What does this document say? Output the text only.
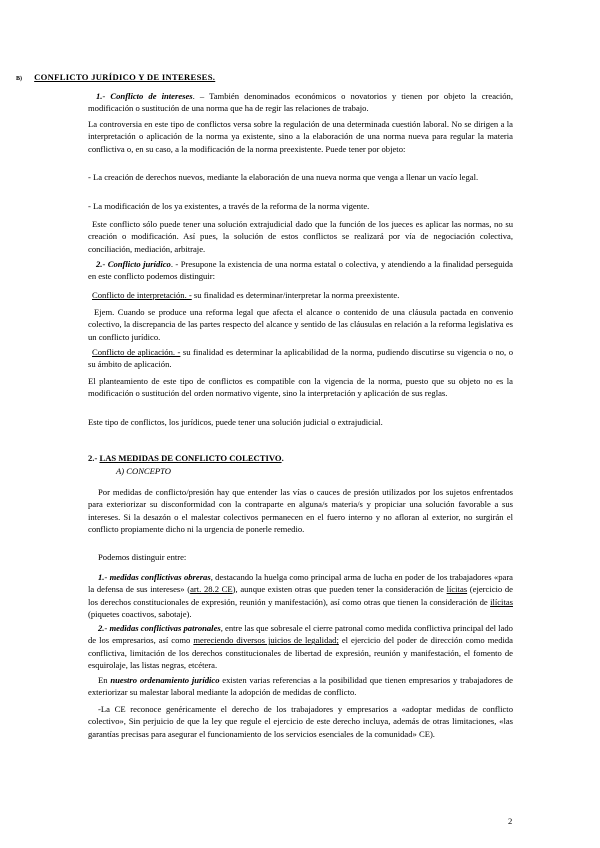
B) CONFLICTO JURÍDICO Y DE INTERESES.

1.- Conflicto de intereses. – También denominados económicos o novatorios y tienen por objeto la creación, modificación o sustitución de una norma que ha de regir las relaciones de trabajo.

La controversia en este tipo de conflictos versa sobre la regulación de una determinada cuestión laboral. No se dirigen a la interpretación o aplicación de la norma ya existente, sino a la elaboración de una norma nueva para regular la materia conflictiva o, en su caso, a la modificación de la norma preexistente. Puede tener por objeto:

- La creación de derechos nuevos, mediante la elaboración de una nueva norma que venga a llenar un vacío legal.

- La modificación de los ya existentes, a través de la reforma de la norma vigente.

Este conflicto sólo puede tener una solución extrajudicial dado que la función de los jueces es aplicar las normas, no su creación o modificación. Así pues, la solución de estos conflictos se realizará por vía de negociación colectiva, conciliación, mediación, arbitraje.

2.- Conflicto jurídico. - Presupone la existencia de una norma estatal o colectiva, y atendiendo a la finalidad perseguida en este conflicto podemos distinguir:

Conflicto de interpretación. - su finalidad es determinar/interpretar la norma preexistente.

Ejem. Cuando se produce una reforma legal que afecta el alcance o contenido de una cláusula pactada en convenio colectivo, la discrepancia de las partes respecto del alcance y sentido de las cláusulas en relación a la reforma legislativa es un conflicto jurídico.

Conflicto de aplicación. - su finalidad es determinar la aplicabilidad de la norma, pudiendo discutirse su vigencia o no, o su ámbito de aplicación.

El planteamiento de este tipo de conflictos es compatible con la vigencia de la norma, puesto que su objeto no es la modificación o sustitución del orden normativo vigente, sino la interpretación y aplicación de sus reglas.

Este tipo de conflictos, los jurídicos, puede tener una solución judicial o extrajudicial.

2.- LAS MEDIDAS DE CONFLICTO COLECTIVO.
A) CONCEPTO

Por medidas de conflicto/presión hay que entender las vías o cauces de presión utilizados por los sujetos enfrentados para exteriorizar su disconformidad con la contraparte en alguna/s materia/s y propiciar una solución favorable a sus intereses. Si la desazón o el malestar colectivos permanecen en el fuero interno y no afloran al exterior, no surgirán el conflicto propiamente dicho ni la urgencia de ponerle remedio.

Podemos distinguir entre:

1.- medidas conflictivas obreras, destacando la huelga como principal arma de lucha en poder de los trabajadores «para la defensa de sus intereses» (art. 28.2 CE), aunque existen otras que pueden tener la consideración de lícitas (ejercicio de los derechos constitucionales de expresión, reunión y manifestación), así como otras que tienen la consideración de ilícitas (piquetes coactivos, sabotaje).

2.- medidas conflictivas patronales, entre las que sobresale el cierre patronal como medida conflictiva principal del lado de los empresarios, así como mereciendo diversos juicios de legalidad; el ejercicio del poder de dirección como medida conflictiva, limitación de los derechos constitucionales de libertad de expresión, reunión y manifestación, el fomento de esquirolaje, las listas negras, etcétera.

En nuestro ordenamiento jurídico existen varias referencias a la posibilidad que tienen empresarios y trabajadores de exteriorizar su malestar laboral mediante la adopción de medidas de conflicto.

-La CE reconoce genéricamente el derecho de los trabajadores y empresarios a «adoptar medidas de conflicto colectivo», Sin perjuicio de que la ley que regule el ejercicio de este derecho incluya, además de otras limitaciones, «las garantías precisas para asegurar el funcionamiento de los servicios esenciales de la comunidad» CE).

2
